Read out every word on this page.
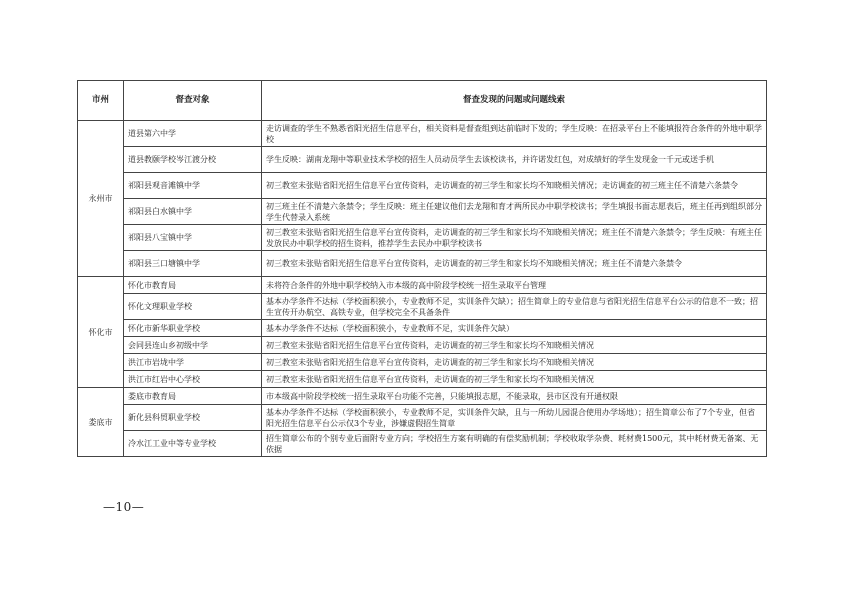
市州	督查对象	督查发现的问题或问题线索
永州市	道县第六中学	走访调查的学生不熟悉省阳光招生信息平台，相关资料是督查组到达前临时下发的；学生反映：在招录平台上不能填报符合条件的外地中职学校
	道县教颐学校岑江渡分校	学生反映：湖南龙翔中等职业技术学校的招生人员动员学生去该校读书，并许诺发红包，对成绩好的学生发现金一千元或送手机
	祁阳县观音滩镇中学	初三教室未张贴省阳光招生信息平台宣传资料，走访调查的初三学生和家长均不知晓相关情况；走访调查的初三班主任不清楚六条禁令
	祁阳县白水镇中学	初三班主任不清楚六条禁令；学生反映：班主任建议他们去龙翔和育才两所民办中职学校读书；学生填报书面志愿表后，班主任再到组织部分学生代替录入系统
	祁阳县八宝镇中学	初三教室未张贴省阳光招生信息平台宣传资料，走访调查的初三学生和家长均不知晓相关情况；班主任不清楚六条禁令；学生反映：有班主任发放民办中职学校的招生资料，推荐学生去民办中职学校读书
	祁阳县三口塘镇中学	初三教室未张贴省阳光招生信息平台宣传资料，走访调查的初三学生和家长均不知晓相关情况；班主任不清楚六条禁令
怀化市	怀化市教育局	未将符合条件的外地中职学校纳入市本级的高中阶段学校统一招生录取平台管理
	怀化文理职业学校	基本办学条件不达标（学校面积狭小，专业教师不足，实训条件欠缺）；招生简章上的专业信息与省阳光招生信息平台公示的信息不一致；招生宣传开办航空、高铁专业，但学校完全不具备条件
	怀化市新华职业学校	基本办学条件不达标（学校面积狭小，专业教师不足，实训条件欠缺）
	会同县连山乡初级中学	初三教室未张贴省阳光招生信息平台宣传资料，走访调查的初三学生和家长均不知晓相关情况
	洪江市岩垅中学	初三教室未张贴省阳光招生信息平台宣传资料，走访调查的初三学生和家长均不知晓相关情况
	洪江市红岩中心学校	初三教室未张贴省阳光招生信息平台宣传资料，走访调查的初三学生和家长均不知晓相关情况
娄底市	娄底市教育局	市本级高中阶段学校统一招生录取平台功能不完善，只能填报志愿，不能录取，县市区没有开通权限
	新化县科贸职业学校	基本办学条件不达标（学校面积狭小，专业教师不足，实训条件欠缺，且与一所幼儿园混合使用办学场地）；招生简章公布了7个专业，但省阳光招生信息平台公示仅3个专业，涉嫌虚假招生简章
	冷水江工业中等专业学校	招生简章公布的个别专业后面附专业方向；学校招生方案有明确的有偿奖励机制；学校收取学杂费、耗材费1500元，其中耗材费无备案、无依据
—10—
